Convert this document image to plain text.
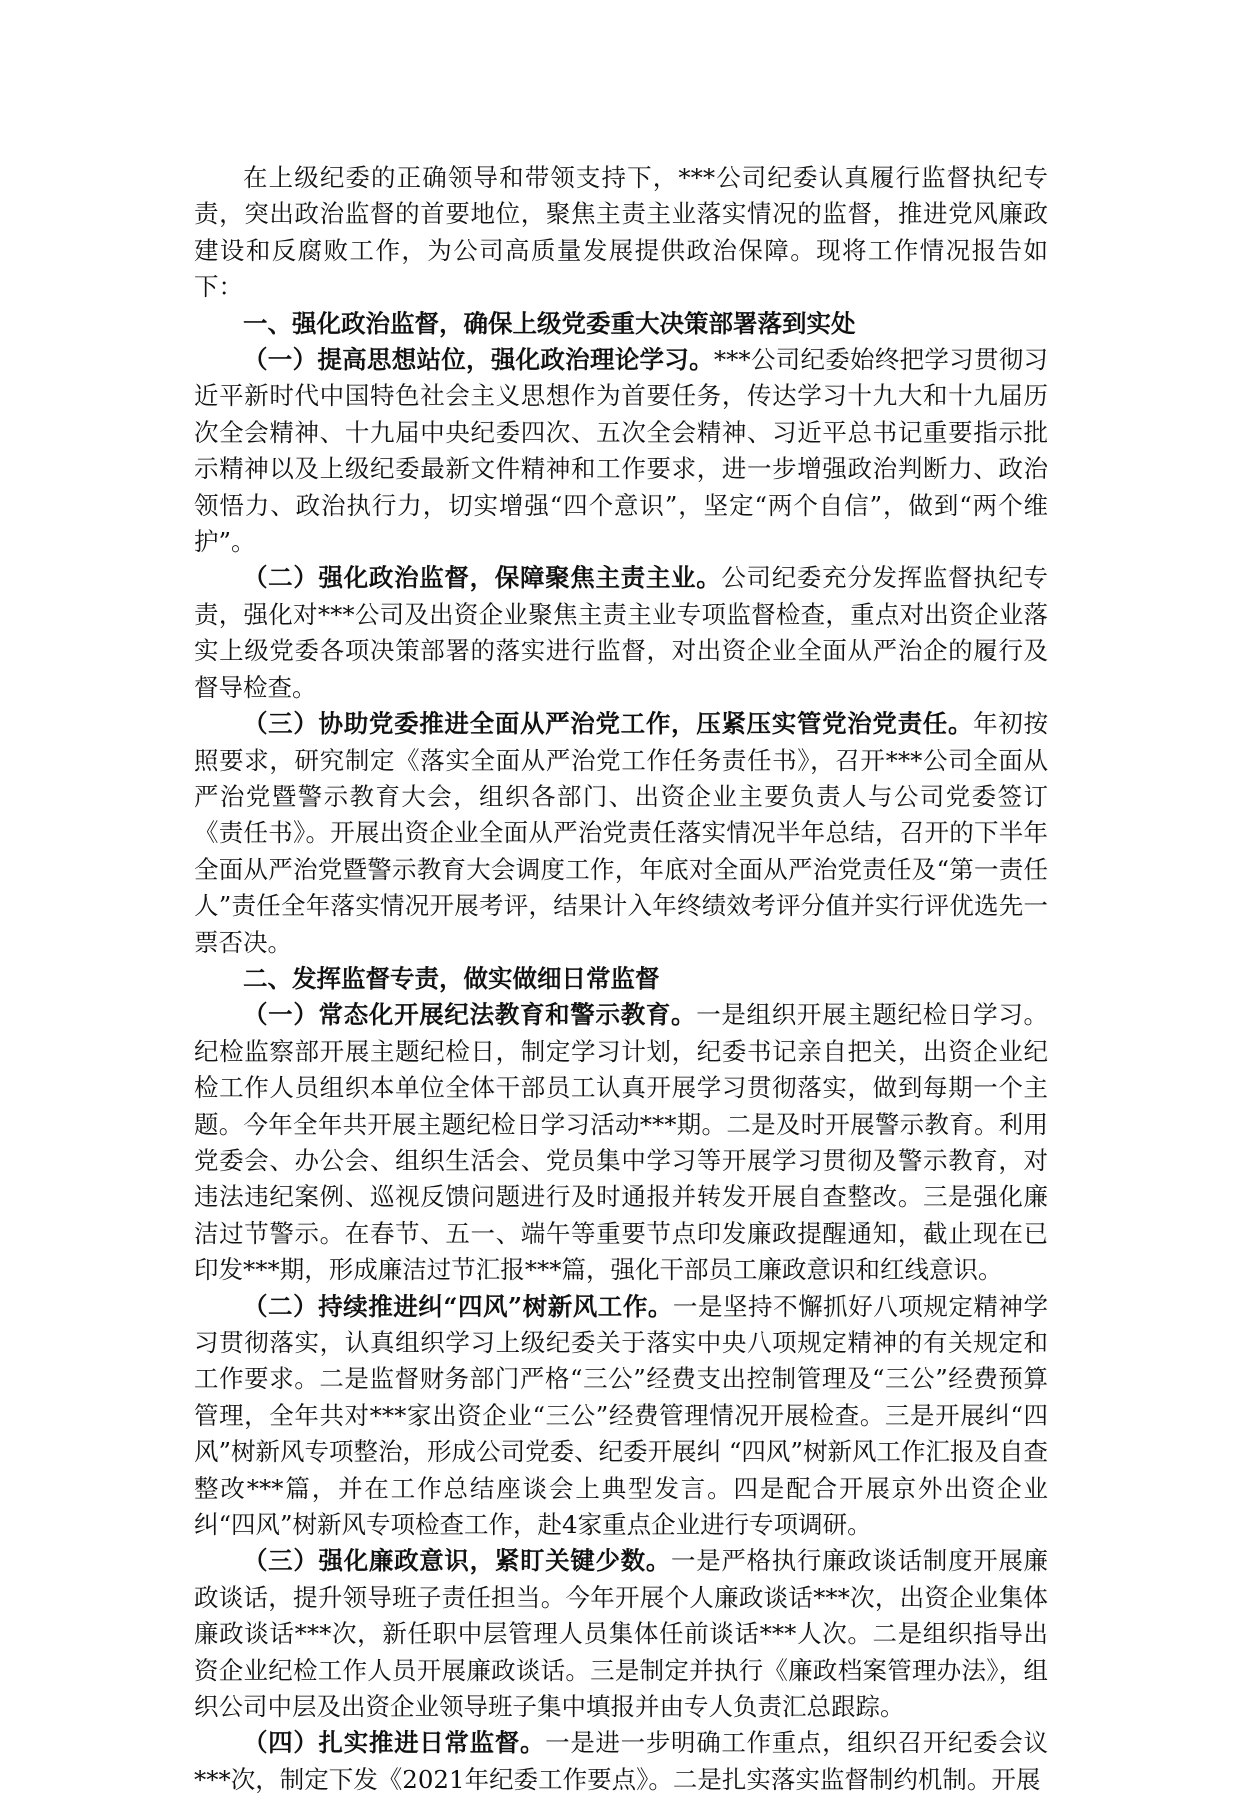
在上级纪委的正确领导和带领支持下，***公司纪委认真履行监督执纪专责，突出政治监督的首要地位，聚焦主责主业落实情况的监督，推进党风廉政建设和反腐败工作，为公司高质量发展提供政治保障。现将工作情况报告如下：

一、强化政治监督，确保上级党委重大决策部署落到实处

（一）提高思想站位，强化政治理论学习。***公司纪委始终把学习贯彻习近平新时代中国特色社会主义思想作为首要任务，传达学习十九大和十九届历次全会精神、十九届中央纪委四次、五次全会精神、习近平总书记重要指示批示精神以及上级纪委最新文件精神和工作要求，进一步增强政治判断力、政治领悟力、政治执行力，切实增强“四个意识”，坚定“两个自信”，做到“两个维护”。

（二）强化政治监督，保障聚焦主责主业。公司纪委充分发挥监督执纪专责，强化对***公司及出资企业聚焦主责主业专项监督检查，重点对出资企业落实上级党委各项决策部署的落实进行监督，对出资企业全面从严治企的履行及督导检查。

（三）协助党委推进全面从严治党工作，压紧压实管党治党责任。年初按照要求，研究制定《落实全面从严治党工作任务责任书》，召开***公司全面从严治党暨警示教育大会，组织各部门、出资企业主要负责人与公司党委签订《责任书》。开展出资企业全面从严治党责任落实情况半年总结，召开的下半年全面从严治党暨警示教育大会调度工作，年底对全面从严治党责任及“第一责任人”责任全年落实情况开展考评，结果计入年终绩效考评分值并实行评优选先一票否决。

二、发挥监督专责，做实做细日常监督

（一）常态化开展纪法教育和警示教育。一是组织开展主题纪检日学习。纪检监察部开展主题纪检日，制定学习计划，纪委书记亲自把关，出资企业纪检工作人员组织本单位全体干部员工认真开展学习贯彻落实，做到每期一个主题。今年全年共开展主题纪检日学习活动***期。二是及时开展警示教育。利用党委会、办公会、组织生活会、党员集中学习等开展学习贯彻及警示教育，对违法违纪案例、巡视反馈问题进行及时通报并转发开展自查整改。三是强化廉洁过节警示。在春节、五一、端午等重要节点印发廉政提醒通知，截止现在已印发***期，形成廉洁过节汇报***篇，强化干部员工廉政意识和红线意识。

（二）持续推进纠“四风”树新风工作。一是坚持不懈抓好八项规定精神学习贯彻落实，认真组织学习上级纪委关于落实中央八项规定精神的有关规定和工作要求。二是监督财务部门严格“三公”经费支出控制管理及“三公”经费预算管理，全年共对***家出资企业“三公”经费管理情况开展检查。三是开展纠“四风”树新风专项整治，形成公司党委、纪委开展纠 “四风”树新风工作汇报及自查整改***篇，并在工作总结座谈会上典型发言。四是配合开展京外出资企业纠“四风”树新风专项检查工作，赴4家重点企业进行专项调研。

（三）强化廉政意识，紧盯关键少数。一是严格执行廉政谈话制度开展廉政谈话，提升领导班子责任担当。今年开展个人廉政谈话***次，出资企业集体廉政谈话***次，新任职中层管理人员集体任前谈话***人次。二是组织指导出资企业纪检工作人员开展廉政谈话。三是制定并执行《廉政档案管理办法》，组织公司中层及出资企业领导班子集中填报并由专人负责汇总跟踪。

（四）扎实推进日常监督。一是进一步明确工作重点，组织召开纪委会议***次，制定下发《2021年纪委工作要点》。二是扎实落实监督制约机制。开展
